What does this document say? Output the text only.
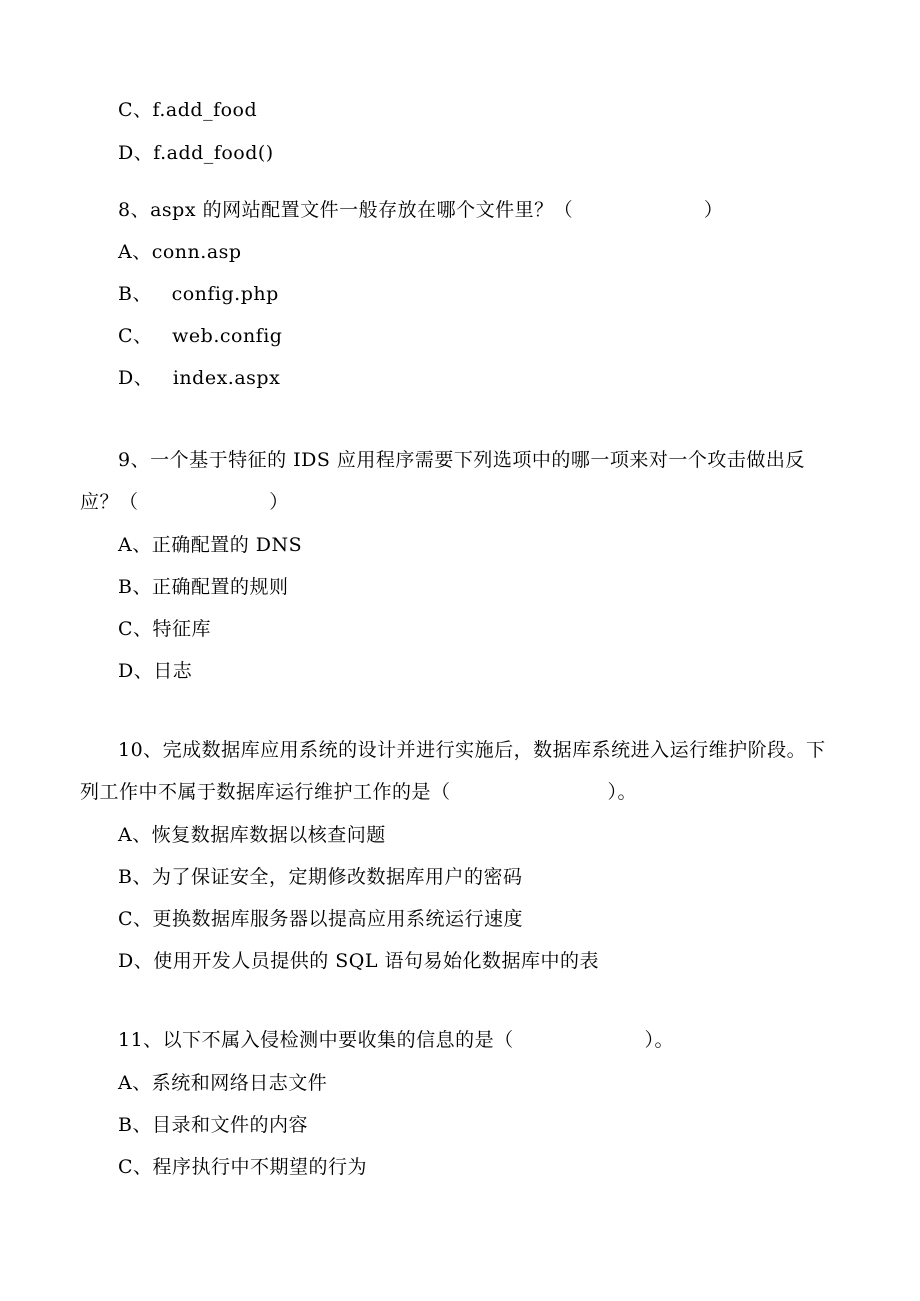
C、f.add_food
D、f.add_food()
8、aspx 的网站配置文件一般存放在哪个文件里？（                    ）
A、conn.asp
B、   config.php
C、   web.config
D、   index.aspx
9、一个基于特征的 IDS 应用程序需要下列选项中的哪一项来对一个攻击做出反
应？（                    ）
A、正确配置的 DNS
B、正确配置的规则
C、特征库
D、日志
10、完成数据库应用系统的设计并进行实施后，数据库系统进入运行维护阶段。下
列工作中不属于数据库运行维护工作的是（                        ）。
A、恢复数据库数据以核查问题
B、为了保证安全，定期修改数据库用户的密码
C、更换数据库服务器以提高应用系统运行速度
D、使用开发人员提供的 SQL 语句易始化数据库中的表
11、以下不属入侵检测中要收集的信息的是（                    ）。
A、系统和网络日志文件
B、目录和文件的内容
C、程序执行中不期望的行为
